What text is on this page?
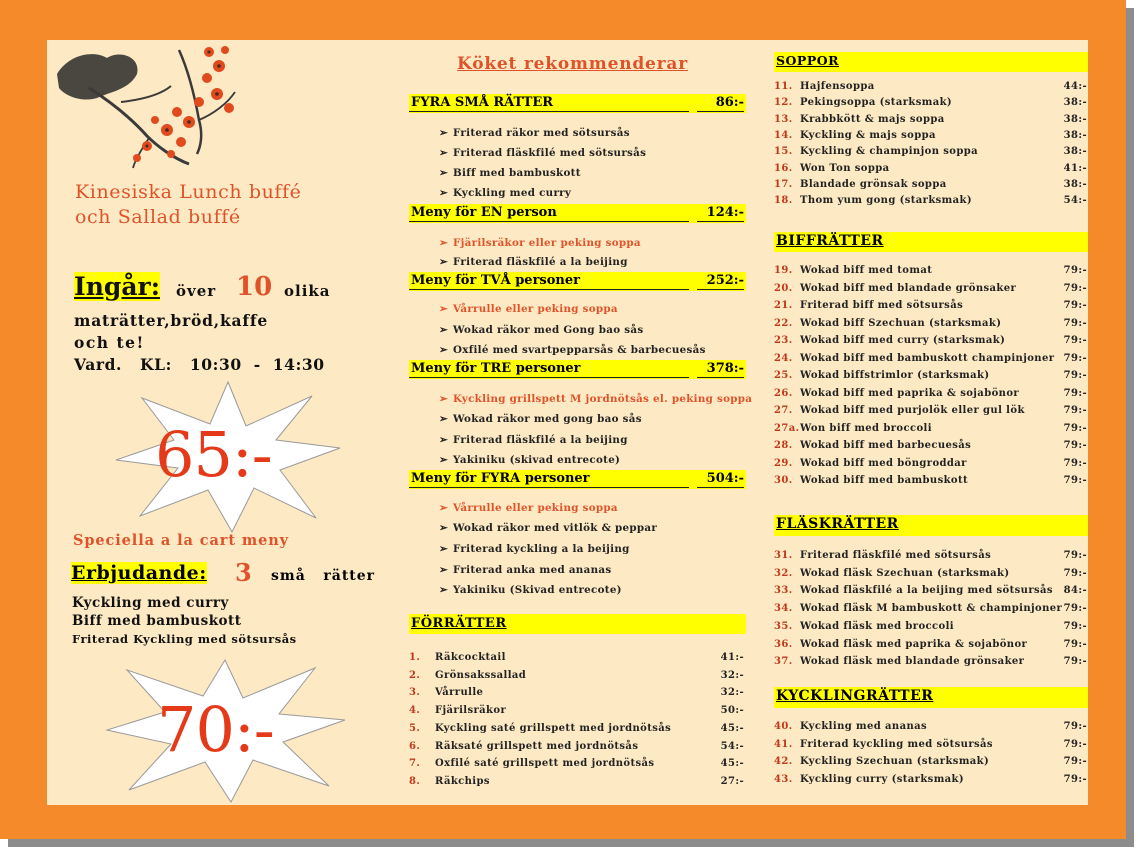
Kinesiska Lunch buffé
och Sallad buffé
Ingår: över 10 olika
maträtter,bröd,kaffe
och te!
Vard.   KL:   10:30  -  14:30
65:-
Speciella a la cart meny
Erbjudande: 3 små   rätter
Kyckling med curry
Biff med bambuskott
Friterad Kyckling med sötsursås
70:-
Köket rekommenderar
FYRA SMÅ RÄTTER	86:-
➢ Friterad räkor med sötsursås
➢ Friterad fläskfilé med sötsursås
➢ Biff med bambuskott
➢ Kyckling med curry
Meny för EN person	124:-
➢ Fjärilsräkor eller peking soppa
➢ Friterad fläskfilé a la beijing
Meny för TVÅ personer	252:-
➢ Vårrulle eller peking soppa
➢ Wokad räkor med Gong bao sås
➢ Oxfilé med svartpepparsås & barbecuesås
Meny för TRE personer	378:-
➢ Kyckling grillspett M jordnötsås el. peking soppa
➢ Wokad räkor med gong bao sås
➢ Friterad fläskfilé a la beijing
➢ Yakiniku (skivad entrecote)
Meny för FYRA personer	504:-
➢ Vårrulle eller peking soppa
➢ Wokad räkor med vitlök & peppar
➢ Friterad kyckling a la beijing
➢ Friterad anka med ananas
➢ Yakiniku (Skivad entrecote)
FÖRRÄTTER
1. Räkcocktail	41:-
2. Grönsakssallad	32:-
3. Vårrulle	32:-
4. Fjärilsräkor	50:-
5. Kyckling saté grillspett med jordnötsås	45:-
6. Räksaté grillspett med jordnötsås	54:-
7. Oxfilé saté grillspett med jordnötsås	45:-
8. Räkchips	27:-
SOPPOR
11. Hajfensoppa	44:-
12. Pekingsoppa (starksmak)	38:-
13. Krabbkött & majs soppa	38:-
14. Kyckling & majs soppa	38:-
15. Kyckling & champinjon soppa	38:-
16. Won Ton soppa	41:-
17. Blandade grönsak soppa	38:-
18. Thom yum gong (starksmak)	54:-
BIFFRÄTTER
19. Wokad biff med tomat	79:-
20. Wokad biff med blandade grönsaker	79:-
21. Friterad biff med sötsursås	79:-
22. Wokad biff Szechuan (starksmak)	79:-
23. Wokad biff med curry (starksmak)	79:-
24. Wokad biff med bambuskott champinjoner 79:-
25. Wokad biffstrimlor (starksmak)	79:-
26. Wokad biff med paprika & sojabönor	79:-
27. Wokad biff med purjolök eller gul lök	79:-
27a. Won biff med broccoli	79:-
28. Wokad biff med barbecuesås	79:-
29. Wokad biff med böngroddar	79:-
30. Wokad biff med bambuskott	79:-
FLÄSKRÄTTER
31. Friterad fläskfilé med sötsursås	79:-
32. Wokad fläsk Szechuan (starksmak)	79:-
33. Wokad fläskfilé a la beijing med sötsursås 84:-
34. Wokad fläsk M bambuskott & champinjoner 79:-
35. Wokad fläsk med broccoli	79:-
36. Wokad fläsk med paprika & sojabönor	79:-
37. Wokad fläsk med blandade grönsaker	79:-
KYCKLINGRÄTTER
40. Kyckling med ananas	79:-
41. Friterad kyckling med sötsursås	79:-
42. Kyckling Szechuan (starksmak)	79:-
43. Kyckling curry (starksmak)	79:-
